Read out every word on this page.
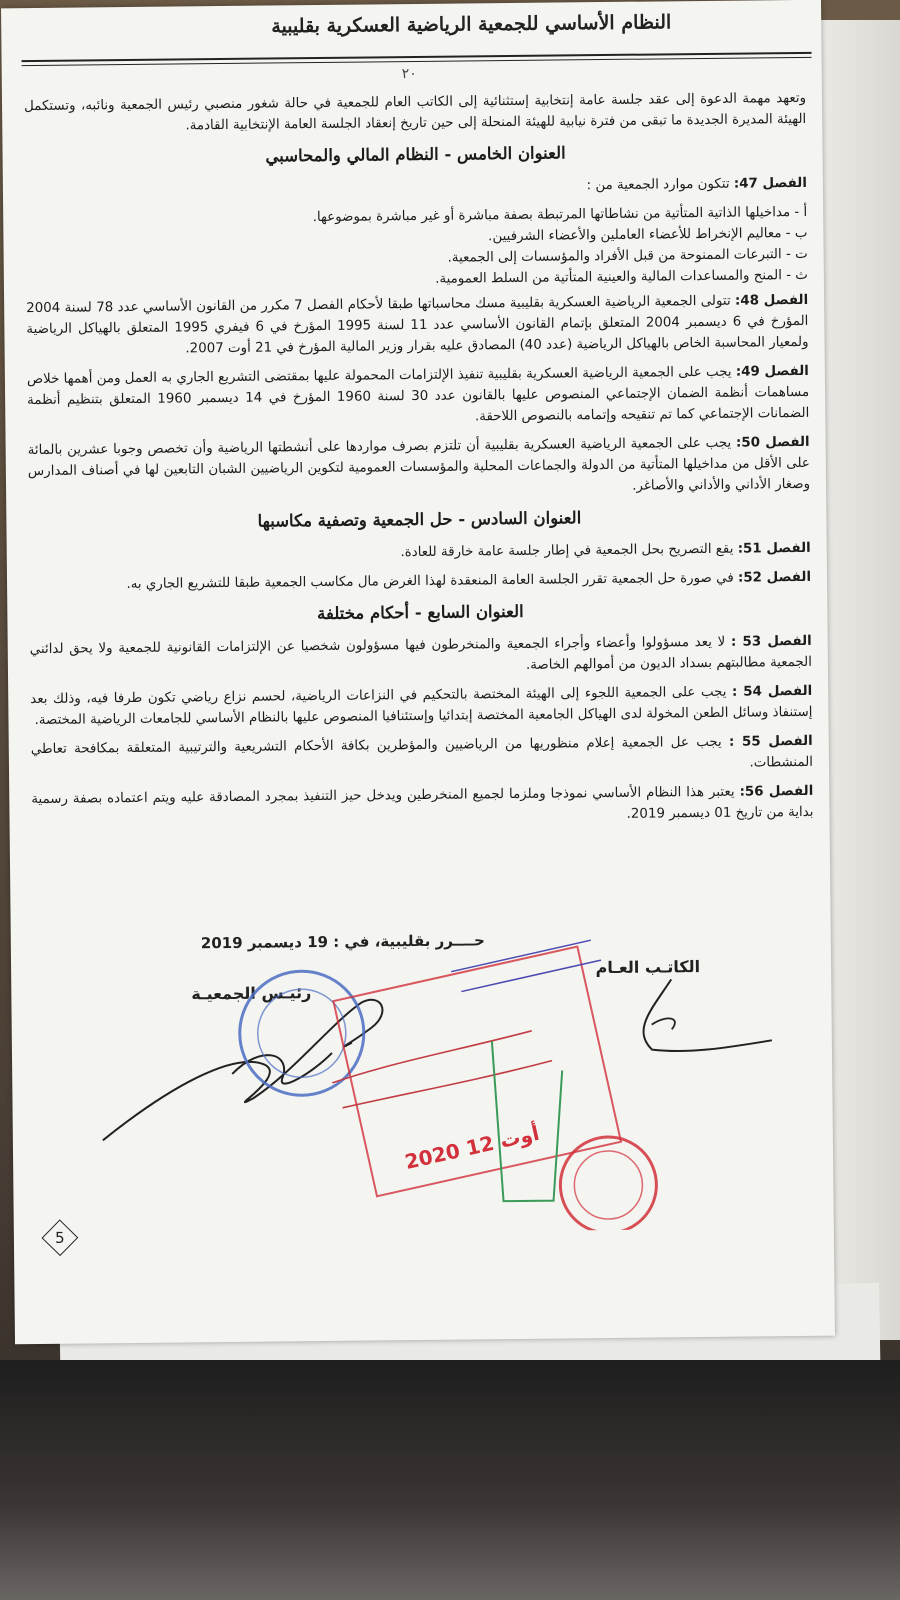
النظام الأساسي للجمعية الرياضية العسكرية بقليبية
٢٠

وتعهد مهمة الدعوة إلى عقد جلسة عامة إنتخابية إستثنائية إلى الكاتب العام للجمعية في حالة شغور منصبي رئيس الجمعية ونائبه، وتستكمل الهيئة المديرة الجديدة ما تبقى من فترة نيابية للهيئة المنحلة إلى حين تاريخ إنعقاد الجلسة العامة الإنتخابية القادمة.

العنوان الخامس - النظام المالي والمحاسبي

الفصل 47: تتكون موارد الجمعية من :

أ - مداخيلها الذاتية المتأتية من نشاطاتها المرتبطة بصفة مباشرة أو غير مباشرة بموضوعها.
ب - معاليم الإنخراط للأعضاء العاملين والأعضاء الشرفيين.
ت - التبرعات الممنوحة من قبل الأفراد والمؤسسات إلى الجمعية.
ث - المنح والمساعدات المالية والعينية المتأتية من السلط العمومية.

الفصل 48: تتولى الجمعية الرياضية العسكرية بقليبية مسك محاسباتها طبقا لأحكام الفصل 7 مكرر من القانون الأساسي عدد 78 لسنة 2004 المؤرخ في 6 ديسمبر 2004 المتعلق بإتمام القانون الأساسي عدد 11 لسنة 1995 المؤرخ في 6 فيفري 1995 المتعلق بالهياكل الرياضية ولمعيار المحاسبة الخاص بالهياكل الرياضية (عدد 40) المصادق عليه بقرار وزير المالية المؤرخ في 21 أوت 2007.

الفصل 49: يجب على الجمعية الرياضية العسكرية بقليبية تنفيذ الإلتزامات المحمولة عليها بمقتضى التشريع الجاري به العمل ومن أهمها خلاص مساهمات أنظمة الضمان الإجتماعي المنصوص عليها بالقانون عدد 30 لسنة 1960 المؤرخ في 14 ديسمبر 1960 المتعلق بتنظيم أنظمة الضمانات الإجتماعي كما تم تنقيحه وإتمامه بالنصوص اللاحقة.

الفصل 50: يجب على الجمعية الرياضية العسكرية بقليبية أن تلتزم بصرف مواردها على أنشطتها الرياضية وأن تخصص وجوبا عشرين بالمائة على الأقل من مداخيلها المتأتية من الدولة والجماعات المحلية والمؤسسات العمومية لتكوين الرياضيين الشبان التابعين لها في أصناف المدارس وصغار الأداني والأداني والأصاغر.

العنوان السادس - حل الجمعية وتصفية مكاسبها

الفصل 51: يقع التصريح بحل الجمعية في إطار جلسة عامة خارقة للعادة.

الفصل 52: في صورة حل الجمعية تقرر الجلسة العامة المنعقدة لهذا الغرض مال مكاسب الجمعية طبقا للتشريع الجاري به.

العنوان السابع - أحكام مختلفة

الفصل 53 : لا يعد مسؤولوا وأعضاء وأجراء الجمعية والمنخرطون فيها مسؤولون شخصيا عن الإلتزامات القانونية للجمعية ولا يحق لدائني الجمعية مطالبتهم بسداد الديون من أموالهم الخاصة.

الفصل 54 : يجب على الجمعية اللجوء إلى الهيئة المختصة بالتحكيم في النزاعات الرياضية، لحسم نزاع رياضي تكون طرفا فيه، وذلك بعد إستنفاذ وسائل الطعن المخولة لدى الهياكل الجامعية المختصة إبتدائيا وإستئنافيا المنصوص عليها بالنظام الأساسي للجامعات الرياضية المختصة.

الفصل 55 : يجب عل الجمعية إعلام منظوريها من الرياضيين والمؤطرين بكافة الأحكام التشريعية والترتيبية المتعلقة بمكافحة تعاطي المنشطات.

الفصل 56: يعتبر هذا النظام الأساسي نموذجا وملزما لجميع المنخرطين ويدخل حيز التنفيذ بمجرد المصادقة عليه ويتم اعتماده بصفة رسمية بداية من تاريخ 01 ديسمبر 2019.

حــــرر بقليبية، في : 19 ديسمبر 2019
الكاتـب العـام
رئيـس الجمعيـة
2020 أوت 12
5
